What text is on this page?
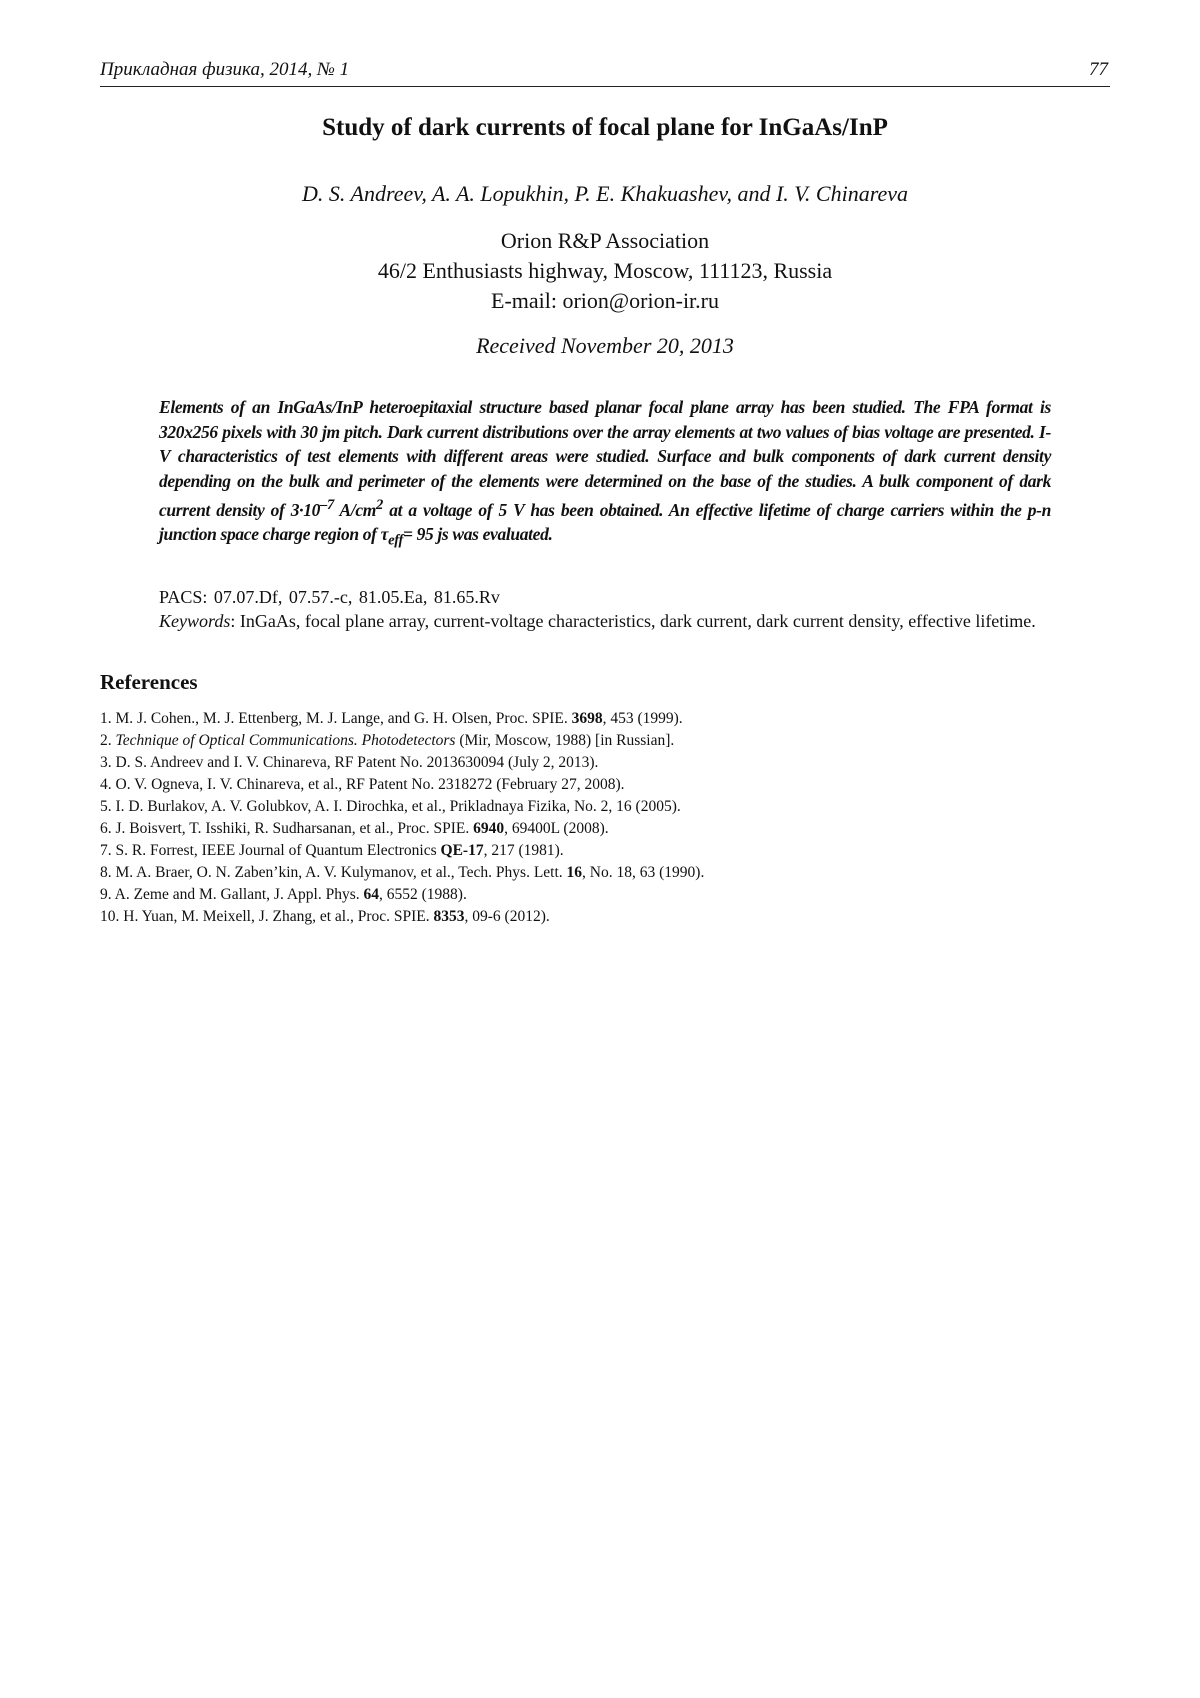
Прикладная физика, 2014, № 1	77
Study of dark currents of focal plane for InGaAs/InP
D. S. Andreev, A. A. Lopukhin, P. E. Khakuashev, and I. V. Chinareva
Orion R&P Association
46/2 Enthusiasts highway, Moscow, 111123, Russia
E-mail: orion@orion-ir.ru
Received November 20, 2013
Elements of an InGaAs/InP heteroepitaxial structure based planar focal plane array has been studied. The FPA format is 320x256 pixels with 30 jm pitch. Dark current distributions over the array elements at two values of bias voltage are presented. I-V characteristics of test elements with different areas were studied. Surface and bulk components of dark current density depending on the bulk and perimeter of the elements were determined on the base of the studies. A bulk component of dark current density of $3\cdot 10^{-7}$ $A/cm^2$ at a voltage of 5 V has been obtained. An effective lifetime of charge carriers within the p-n junction space charge region of $\tau_{eff}= 95$ js was evaluated.
PACS: 07.07.Df, 07.57.-c, 81.05.Ea, 81.65.Rv
Keywords: InGaAs, focal plane array, current-voltage characteristics, dark current, dark current density, effective lifetime.
References
1. M. J. Cohen., M. J. Ettenberg, M. J. Lange, and G. H. Olsen, Proc. SPIE. 3698, 453 (1999).
2. Technique of Optical Communications. Photodetectors (Mir, Moscow, 1988) [in Russian].
3. D. S. Andreev and I. V. Chinareva, RF Patent No. 2013630094 (July 2, 2013).
4. O. V. Ogneva, I. V. Chinareva, et al., RF Patent No. 2318272 (February 27, 2008).
5. I. D. Burlakov, A. V. Golubkov, A. I. Dirochka, et al., Prikladnaya Fizika, No. 2, 16 (2005).
6. J. Boisvert, T. Isshiki, R. Sudharsanan, et al., Proc. SPIE. 6940, 69400L (2008).
7. S. R. Forrest, IEEE Journal of Quantum Electronics QE-17, 217 (1981).
8. M. A. Braer, O. N. Zaben’kin, A. V. Kulymanov, et al., Tech. Phys. Lett. 16, No. 18, 63 (1990).
9. A. Zeme and M. Gallant, J. Appl. Phys. 64, 6552 (1988).
10. H. Yuan, M. Meixell, J. Zhang, et al., Proc. SPIE. 8353, 09-6 (2012).
